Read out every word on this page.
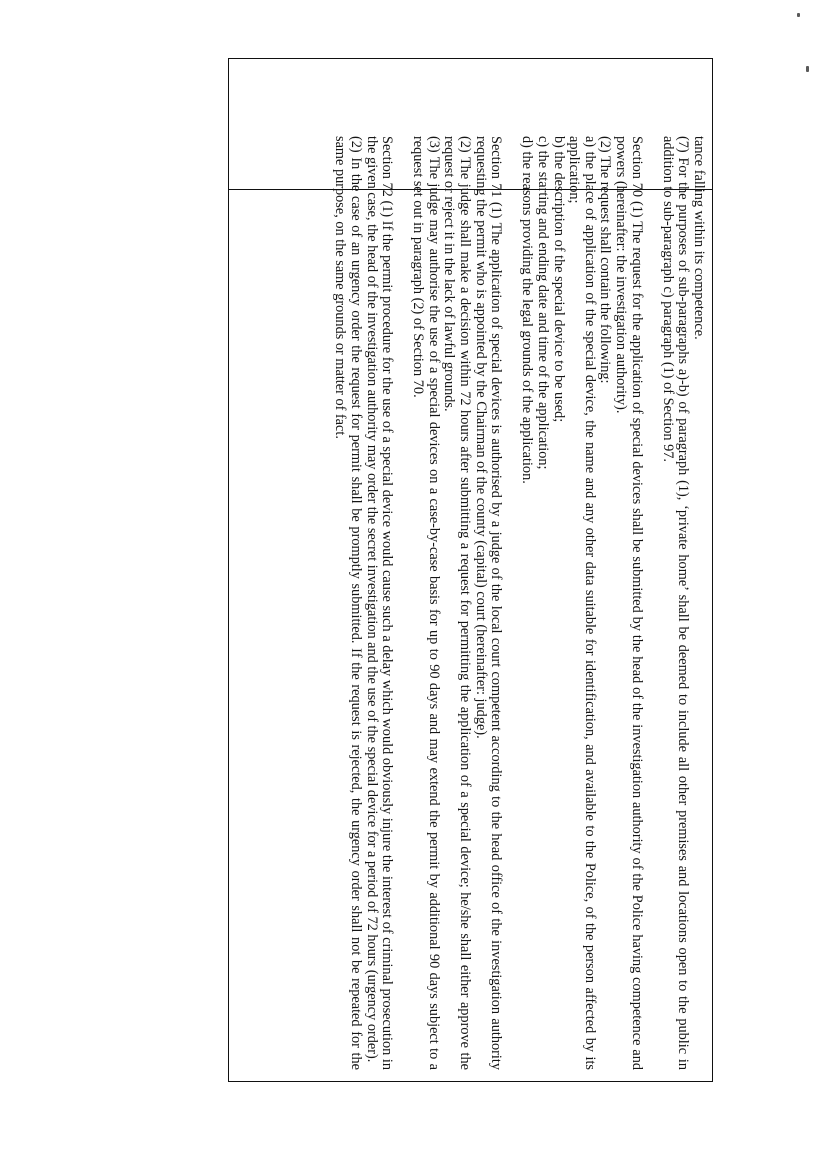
tance falling within its competence.

(7) For the purposes of sub-paragraphs a)-b) of paragraph (1), ‘private home’ shall be deemed to include all other premises and locations open to the public in addition to sub-paragraph c) paragraph (1) of Section 97.

Section 70 (1) The request for the application of special devices shall be submitted by the head of the investigation authority of the Police having competence and powers (hereinafter: the investigation authority).

(2) The request shall contain the following:

a) the place of application of the special device, the name and any other data suitable for identification, and available to the Police, of the person affected by its application;

b) the description of the special device to be used;

c) the starting and ending date and time of the application;

d) the reasons providing the legal grounds of the application.

Section 71 (1) The application of special devices is authorised by a judge of the local court competent according to the head office of the investigation authority requesting the permit who is appointed by the Chairman of the county (capital) court (hereinafter: judge).

(2) The judge shall make a decision within 72 hours after submitting a request for permitting the application of a special device; he/she shall either approve the request or reject it in the lack of lawful grounds.

(3) The judge may authorise the use of a special devices on a case-by-case basis for up to 90 days and may extend the permit by additional 90 days subject to a request set out in paragraph (2) of Section 70.

Section 72 (1) If the permit procedure for the use of a special device would cause such a delay which would obviously injure the interest of criminal prosecution in the given case, the head of the investigation authority may order the secret investigation and the use of the special device for a period of 72 hours (urgency order).

(2) In the case of an urgency order the request for permit shall be promptly submitted. If the request is rejected, the urgency order shall not be repeated for the same purpose, on the same grounds or matter of fact.
